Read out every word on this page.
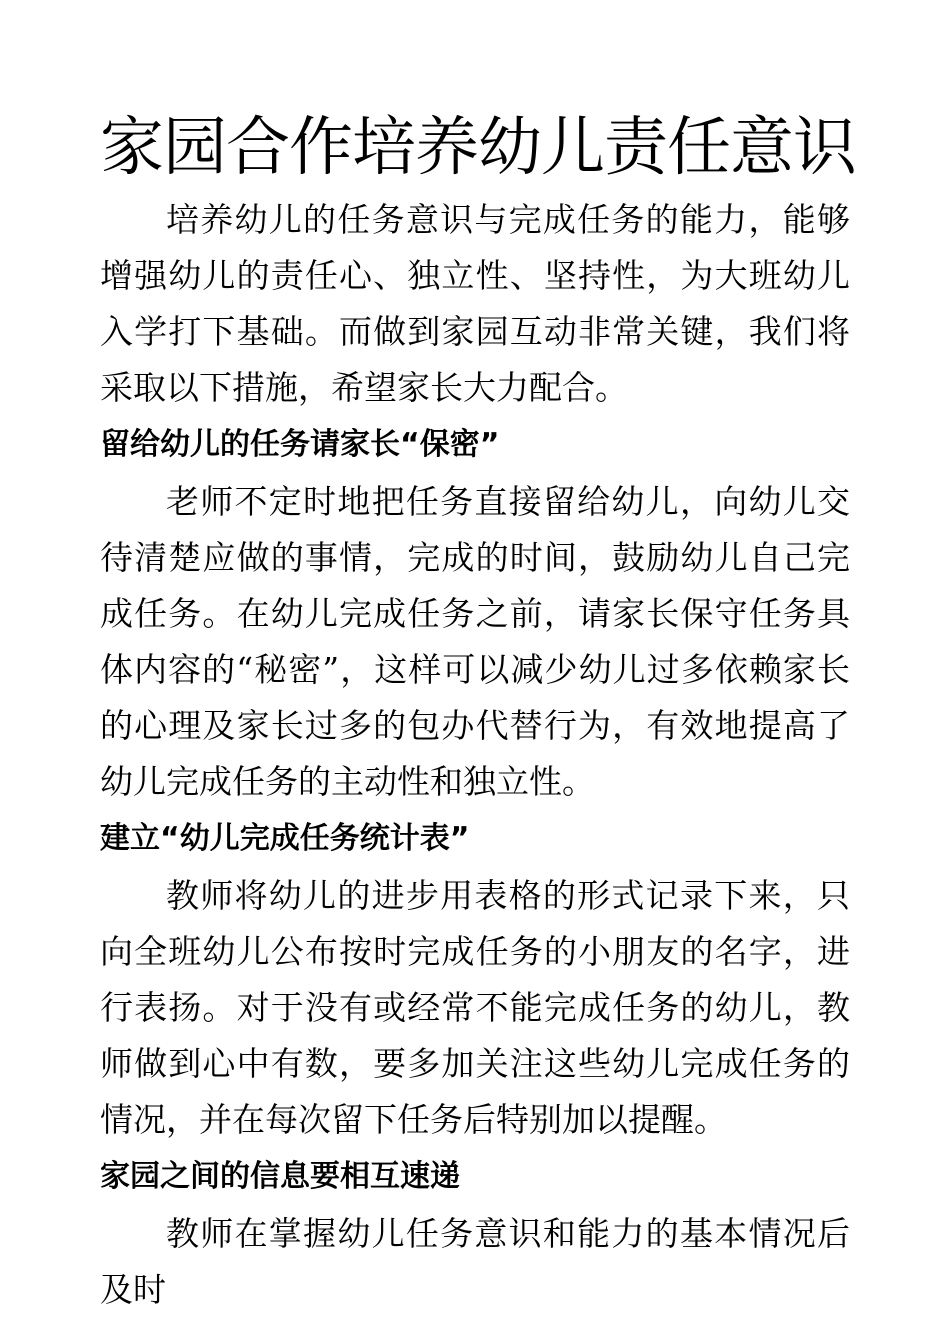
家园合作培养幼儿责任意识

培养幼儿的任务意识与完成任务的能力，能够增强幼儿的责任心、独立性、坚持性，为大班幼儿入学打下基础。而做到家园互动非常关键，我们将采取以下措施，希望家长大力配合。

留给幼儿的任务请家长“保密”

老师不定时地把任务直接留给幼儿，向幼儿交待清楚应做的事情，完成的时间，鼓励幼儿自己完成任务。在幼儿完成任务之前，请家长保守任务具体内容的“秘密”，这样可以减少幼儿过多依赖家长的心理及家长过多的包办代替行为，有效地提高了幼儿完成任务的主动性和独立性。

建立“幼儿完成任务统计表”

教师将幼儿的进步用表格的形式记录下来，只向全班幼儿公布按时完成任务的小朋友的名字，进行表扬。对于没有或经常不能完成任务的幼儿，教师做到心中有数，要多加关注这些幼儿完成任务的情况，并在每次留下任务后特别加以提醒。

家园之间的信息要相互速递

教师在掌握幼儿任务意识和能力的基本情况后及时
